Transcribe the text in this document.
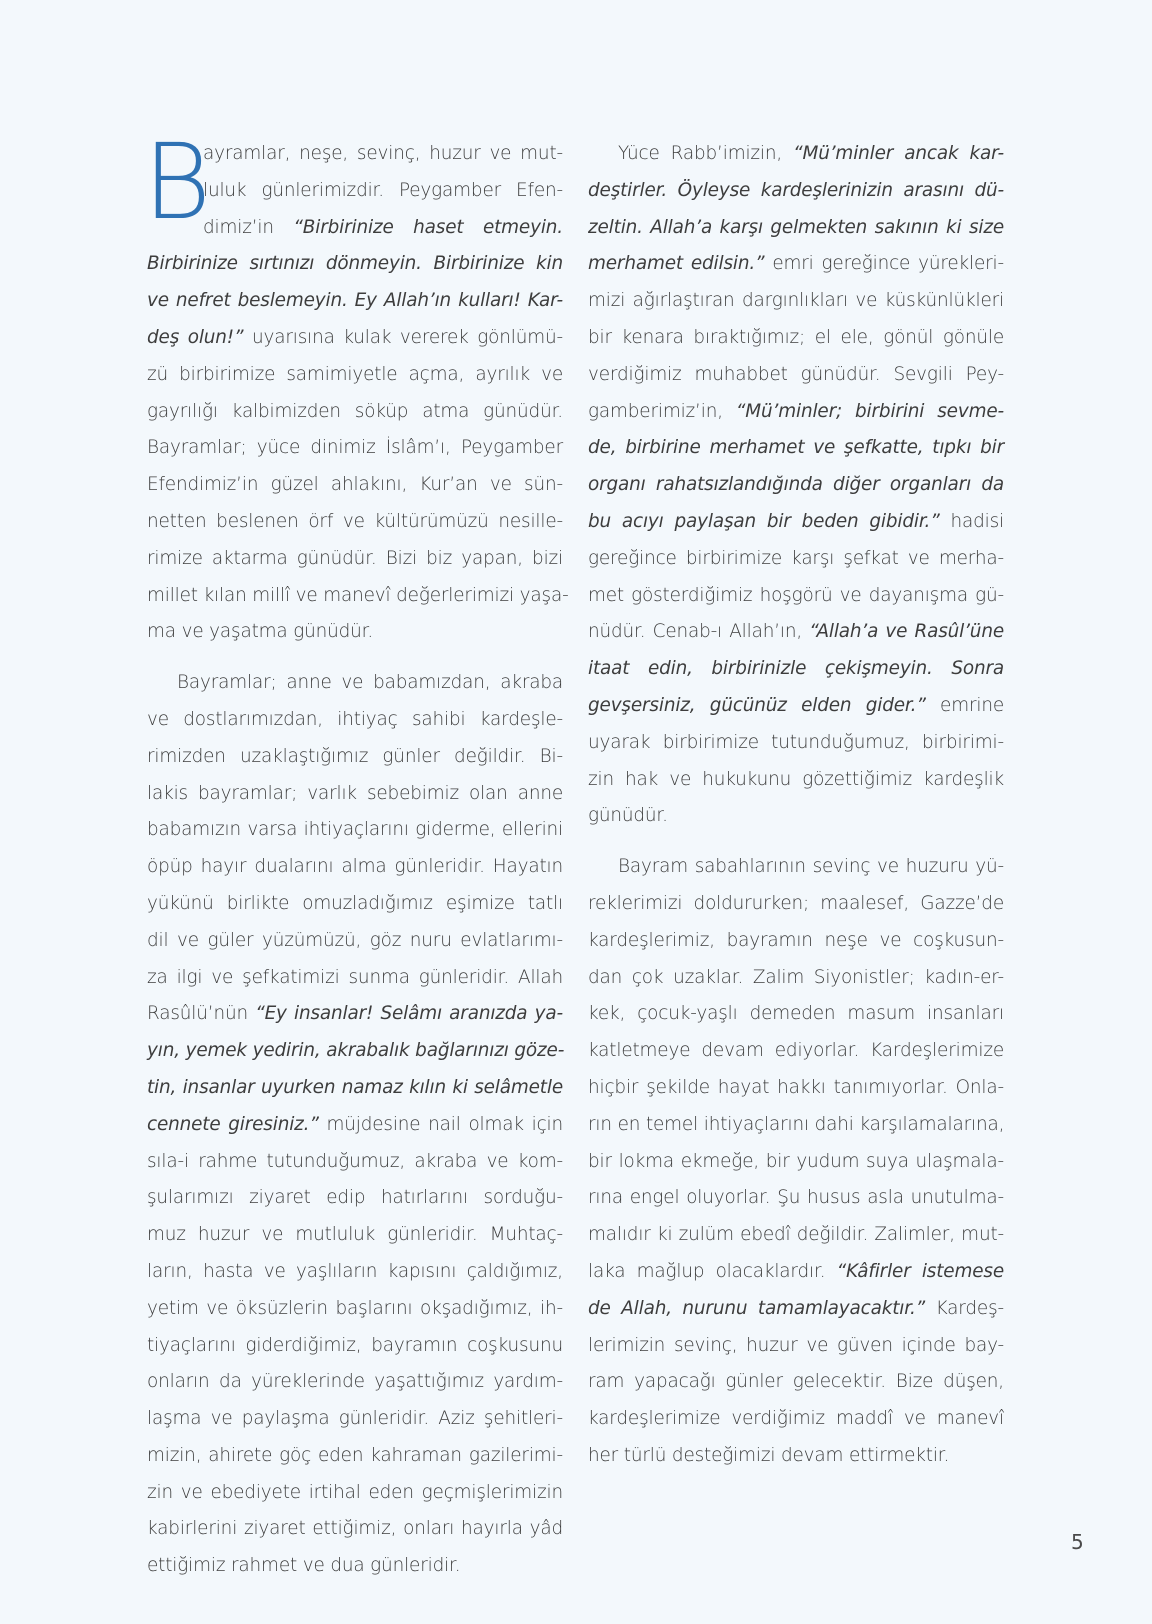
B
ayramlar, neşe, sevinç, huzur ve mut-
luluk günlerimizdir. Peygamber Efen-
dimiz’in “Birbirinize haset etmeyin.
Birbirinize sırtınızı dönmeyin. Birbirinize kin
ve nefret beslemeyin. Ey Allah’ın kulları! Kar-
deş olun!” uyarısına kulak vererek gönlümü-
zü birbirimize samimiyetle açma, ayrılık ve
gayrılığı kalbimizden söküp atma günüdür.
Bayramlar; yüce dinimiz İslâm’ı, Peygamber
Efendimiz’in güzel ahlakını, Kur’an ve sün-
netten beslenen örf ve kültürümüzü nesille-
rimize aktarma günüdür. Bizi biz yapan, bizi
millet kılan millî ve manevî değerlerimizi yaşa-
ma ve yaşatma günüdür.
Bayramlar; anne ve babamızdan, akraba
ve dostlarımızdan, ihtiyaç sahibi kardeşle-
rimizden uzaklaştığımız günler değildir. Bi-
lakis bayramlar; varlık sebebimiz olan anne
babamızın varsa ihtiyaçlarını giderme, ellerini
öpüp hayır dualarını alma günleridir. Hayatın
yükünü birlikte omuzladığımız eşimize tatlı
dil ve güler yüzümüzü, göz nuru evlatlarımı-
za ilgi ve şefkatimizi sunma günleridir. Allah
Rasûlü’nün “Ey insanlar! Selâmı aranızda ya-
yın, yemek yedirin, akrabalık bağlarınızı göze-
tin, insanlar uyurken namaz kılın ki selâmetle
cennete giresiniz.” müjdesine nail olmak için
sıla-i rahme tutunduğumuz, akraba ve kom-
şularımızı ziyaret edip hatırlarını sorduğu-
muz huzur ve mutluluk günleridir. Muhtaç-
ların, hasta ve yaşlıların kapısını çaldığımız,
yetim ve öksüzlerin başlarını okşadığımız, ih-
tiyaçlarını giderdiğimiz, bayramın coşkusunu
onların da yüreklerinde yaşattığımız yardım-
laşma ve paylaşma günleridir. Aziz şehitleri-
mizin, ahirete göç eden kahraman gazilerimi-
zin ve ebediyete irtihal eden geçmişlerimizin
kabirlerini ziyaret ettiğimiz, onları hayırla yâd
ettiğimiz rahmet ve dua günleridir.
Yüce Rabb’imizin, “Mü’minler ancak kar-
deştirler. Öyleyse kardeşlerinizin arasını dü-
zeltin. Allah’a karşı gelmekten sakının ki size
merhamet edilsin.” emri gereğince yürekleri-
mizi ağırlaştıran dargınlıkları ve küskünlükleri
bir kenara bıraktığımız; el ele, gönül gönüle
verdiğimiz muhabbet günüdür. Sevgili Pey-
gamberimiz’in, “Mü’minler; birbirini sevme-
de, birbirine merhamet ve şefkatte, tıpkı bir
organı rahatsızlandığında diğer organları da
bu acıyı paylaşan bir beden gibidir.” hadisi
gereğince birbirimize karşı şefkat ve merha-
met gösterdiğimiz hoşgörü ve dayanışma gü-
nüdür. Cenab-ı Allah’ın, “Allah’a ve Rasûl’üne
itaat edin, birbirinizle çekişmeyin. Sonra
gevşersiniz, gücünüz elden gider.” emrine
uyarak birbirimize tutunduğumuz, birbirimi-
zin hak ve hukukunu gözettiğimiz kardeşlik
günüdür.
Bayram sabahlarının sevinç ve huzuru yü-
reklerimizi doldururken; maalesef, Gazze’de
kardeşlerimiz, bayramın neşe ve coşkusun-
dan çok uzaklar. Zalim Siyonistler; kadın-er-
kek, çocuk-yaşlı demeden masum insanları
katletmeye devam ediyorlar. Kardeşlerimize
hiçbir şekilde hayat hakkı tanımıyorlar. Onla-
rın en temel ihtiyaçlarını dahi karşılamalarına,
bir lokma ekmeğe, bir yudum suya ulaşmala-
rına engel oluyorlar. Şu husus asla unutulma-
malıdır ki zulüm ebedî değildir. Zalimler, mut-
laka mağlup olacaklardır. “Kâfirler istemese
de Allah, nurunu tamamlayacaktır.” Kardeş-
lerimizin sevinç, huzur ve güven içinde bay-
ram yapacağı günler gelecektir. Bize düşen,
kardeşlerimize verdiğimiz maddî ve manevî
her türlü desteğimizi devam ettirmektir.
5
